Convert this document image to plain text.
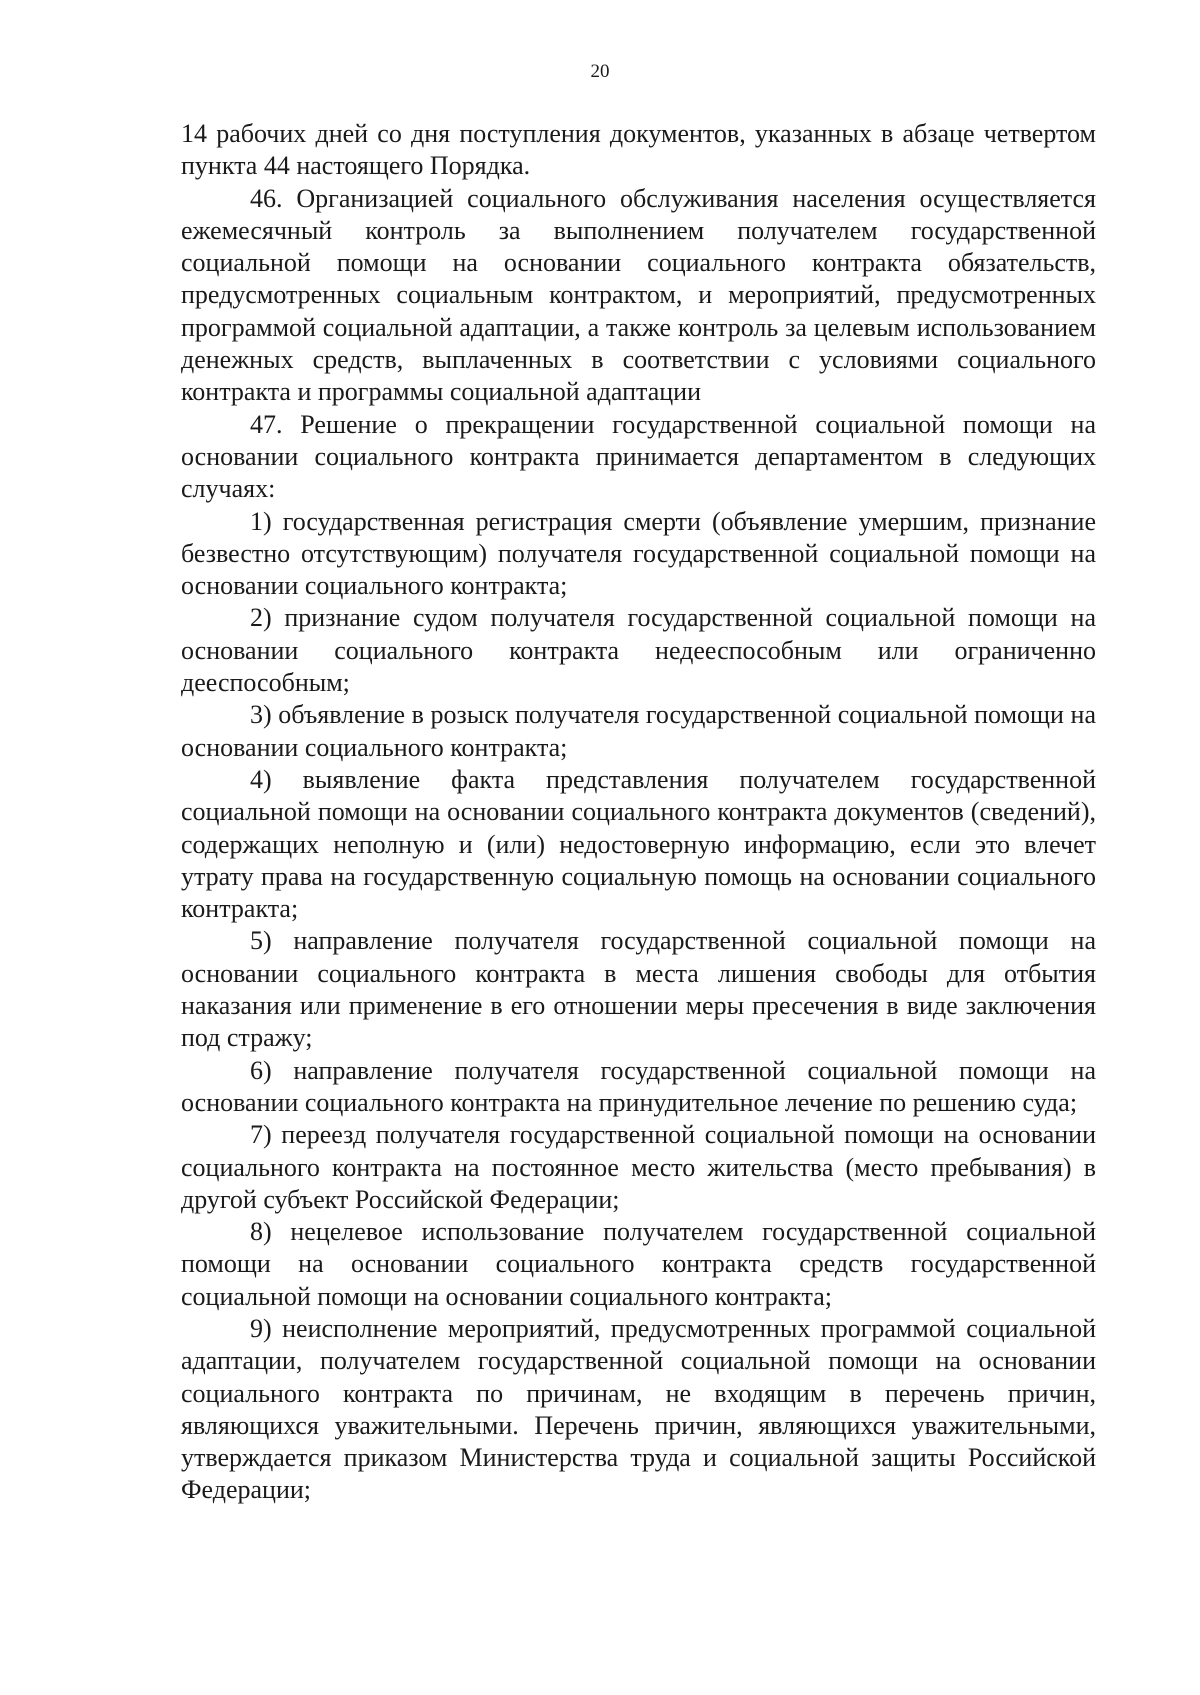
20

14 рабочих дней со дня поступления документов, указанных в абзаце четвертом пункта 44 настоящего Порядка.

46. Организацией социального обслуживания населения осуществляется ежемесячный контроль за выполнением получателем государственной социальной помощи на основании социального контракта обязательств, предусмотренных социальным контрактом, и мероприятий, предусмотренных программой социальной адаптации, а также контроль за целевым использованием денежных средств, выплаченных в соответствии с условиями социального контракта и программы социальной адаптации

47. Решение о прекращении государственной социальной помощи на основании социального контракта принимается департаментом в следующих случаях:

1) государственная регистрация смерти (объявление умершим, признание безвестно отсутствующим) получателя государственной социальной помощи на основании социального контракта;

2) признание судом получателя государственной социальной помощи на основании социального контракта недееспособным или ограниченно дееспособным;

3) объявление в розыск получателя государственной социальной помощи на основании социального контракта;

4) выявление факта представления получателем государственной социальной помощи на основании социального контракта документов (сведений), содержащих неполную и (или) недостоверную информацию, если это влечет утрату права на государственную социальную помощь на основании социального контракта;

5) направление получателя государственной социальной помощи на основании социального контракта в места лишения свободы для отбытия наказания или применение в его отношении меры пресечения в виде заключения под стражу;

6) направление получателя государственной социальной помощи на основании социального контракта на принудительное лечение по решению суда;

7) переезд получателя государственной социальной помощи на основании социального контракта на постоянное место жительства (место пребывания) в другой субъект Российской Федерации;

8) нецелевое использование получателем государственной социальной помощи на основании социального контракта средств государственной социальной помощи на основании социального контракта;

9) неисполнение мероприятий, предусмотренных программой социальной адаптации, получателем государственной социальной помощи на основании социального контракта по причинам, не входящим в перечень причин, являющихся уважительными. Перечень причин, являющихся уважительными, утверждается приказом Министерства труда и социальной защиты Российской Федерации;
